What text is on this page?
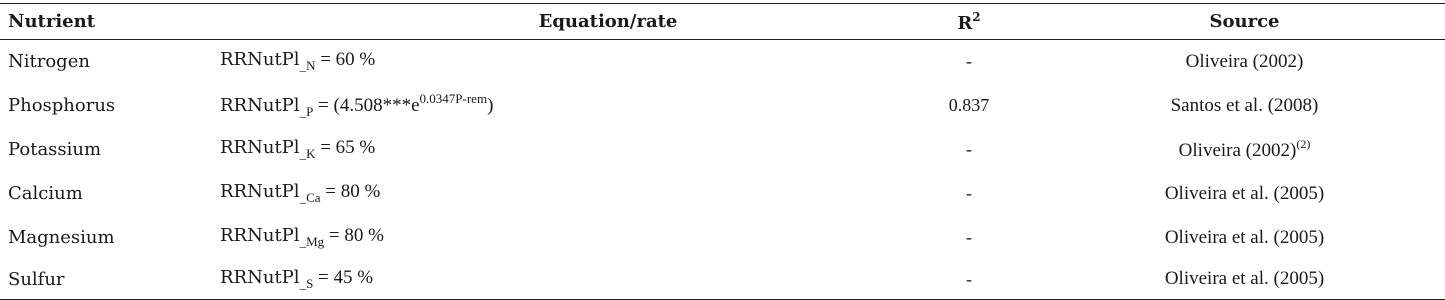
Nutrient	Equation/rate	$R^2$	Source
Nitrogen	RRNutPl$_{\_N}$ = 60 %	-	Oliveira (2002)
Phosphorus	RRNutPl$_{\_P}$ = $(4.508***e^{0.0347P-rem})$	0.837	Santos et al. (2008)
Potassium	RRNutPl$_{\_K}$ = 65 %	-	Oliveira $(2002)^{(2)}$
Calcium	RRNutPl$_{\_Ca}$ = 80 %	-	Oliveira et al. (2005)
Magnesium	RRNutPl$_{\_Mg}$ = 80 %	-	Oliveira et al. (2005)
Sulfur	RRNutPl$_{\_S}$ = 45 %	-	Oliveira et al. (2005)
